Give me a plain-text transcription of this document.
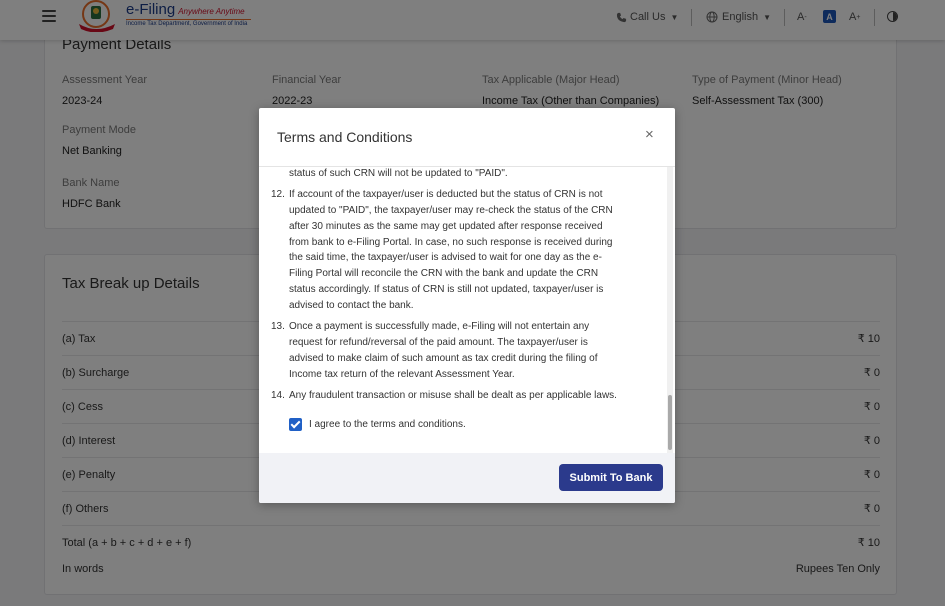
Terms and Conditions	×
status of such CRN will not be updated to "PAID".
12. If account of the taxpayer/user is deducted but the status of CRN is not
updated to "PAID", the taxpayer/user may re-check the status of the CRN
after 30 minutes as the same may get updated after response received
from bank to e-Filing Portal. In case, no such response is received during
the said time, the taxpayer/user is advised to wait for one day as the e-
Filing Portal will reconcile the CRN with the bank and update the CRN
status accordingly. If status of CRN is still not updated, taxpayer/user is
advised to contact the bank.
13. Once a payment is successfully made, e-Filing will not entertain any
request for refund/reversal of the paid amount. The taxpayer/user is
advised to make claim of such amount as tax credit during the filing of
Income tax return of the relevant Assessment Year.
14. Any fraudulent transaction or misuse shall be dealt as per applicable laws.
I agree to the terms and conditions.
Submit To Bank
